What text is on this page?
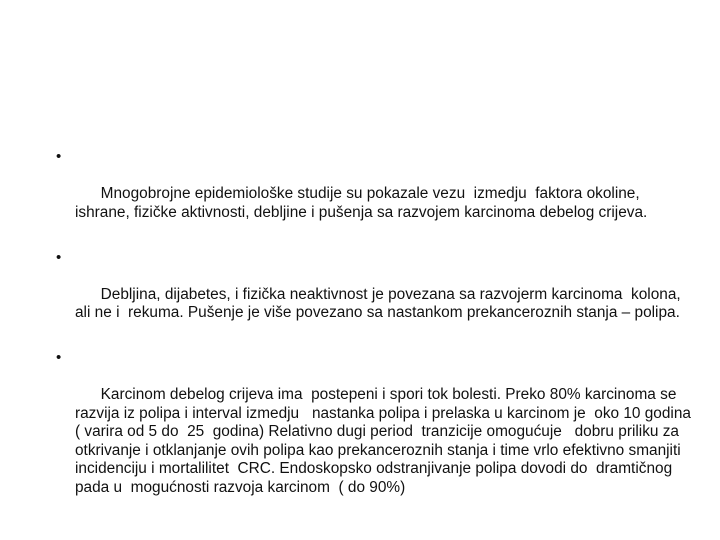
•

Mnogobrojne epidemiološke studije su pokazale vezu  izmedju  faktora okoline,  ishrane, fizičke aktivnosti, debljine i pušenja sa razvojem karcinoma debelog crijeva.

•

Debljina, dijabetes, i fizička neaktivnost je povezana sa razvojerm karcinoma  kolona, ali ne i  rekuma. Pušenje je više povezano sa nastankom prekanceroznih stanja – polipa.

•

Karcinom debelog crijeva ima  postepeni i spori tok bolesti. Preko 80% karcinoma se razvija iz polipa i interval izmedju   nastanka polipa i prelaska u karcinom je  oko 10 godina ( varira od 5 do  25  godina) Relativno dugi period  tranzicije omogućuje   dobru priliku za otkrivanje i otklanjanje ovih polipa kao prekanceroznih stanja i time vrlo efektivno smanjiti  incidenciju i mortalilitet  CRC. Endoskopsko odstranjivanje polipa dovodi do  dramtičnog pada u  mogućnosti razvoja karcinom  ( do 90%)
